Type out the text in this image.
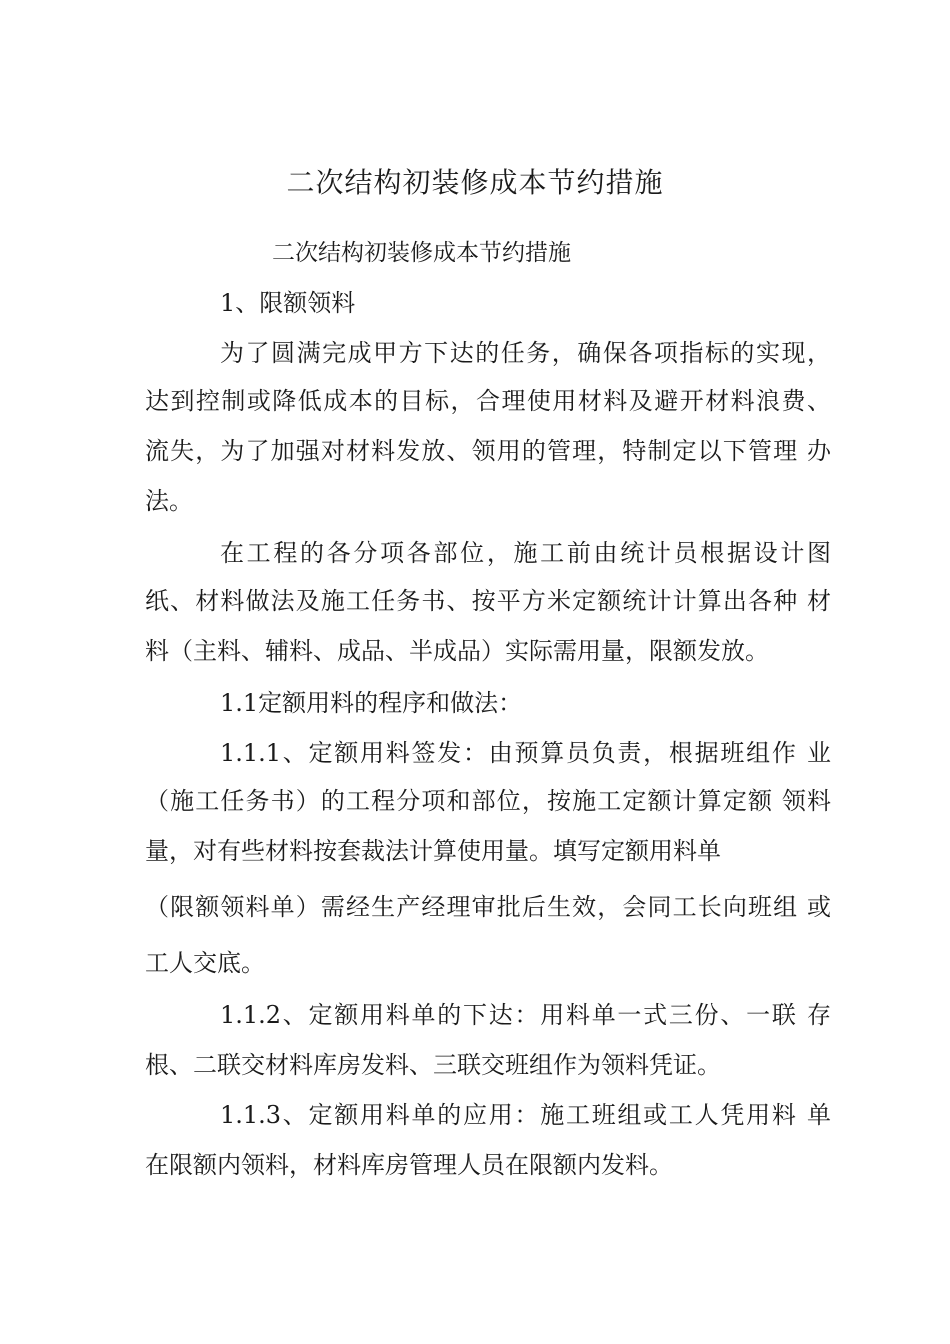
二次结构初装修成本节约措施
二次结构初装修成本节约措施
1、限额领料
为了圆满完成甲方下达的任务，确保各项指标的实现，
达到控制或降低成本的目标，合理使用材料及避开材料浪费、
流失，为了加强对材料发放、领用的管理，特制定以下管理 办
法。
在工程的各分项各部位，施工前由统计员根据设计图
纸、材料做法及施工任务书、按平方米定额统计计算出各种 材
料（主料、辅料、成品、半成品）实际需用量，限额发放。
1.1定额用料的程序和做法：
1.1.1、定额用料签发：由预算员负责，根据班组作 业
（施工任务书）的工程分项和部位，按施工定额计算定额 领料
量，对有些材料按套裁法计算使用量。填写定额用料单
（限额领料单）需经生产经理审批后生效，会同工长向班组 或
工人交底。
1.1.2、定额用料单的下达：用料单一式三份、一联 存
根、二联交材料库房发料、三联交班组作为领料凭证。
1.1.3、定额用料单的应用：施工班组或工人凭用料 单
在限额内领料，材料库房管理人员在限额内发料。
